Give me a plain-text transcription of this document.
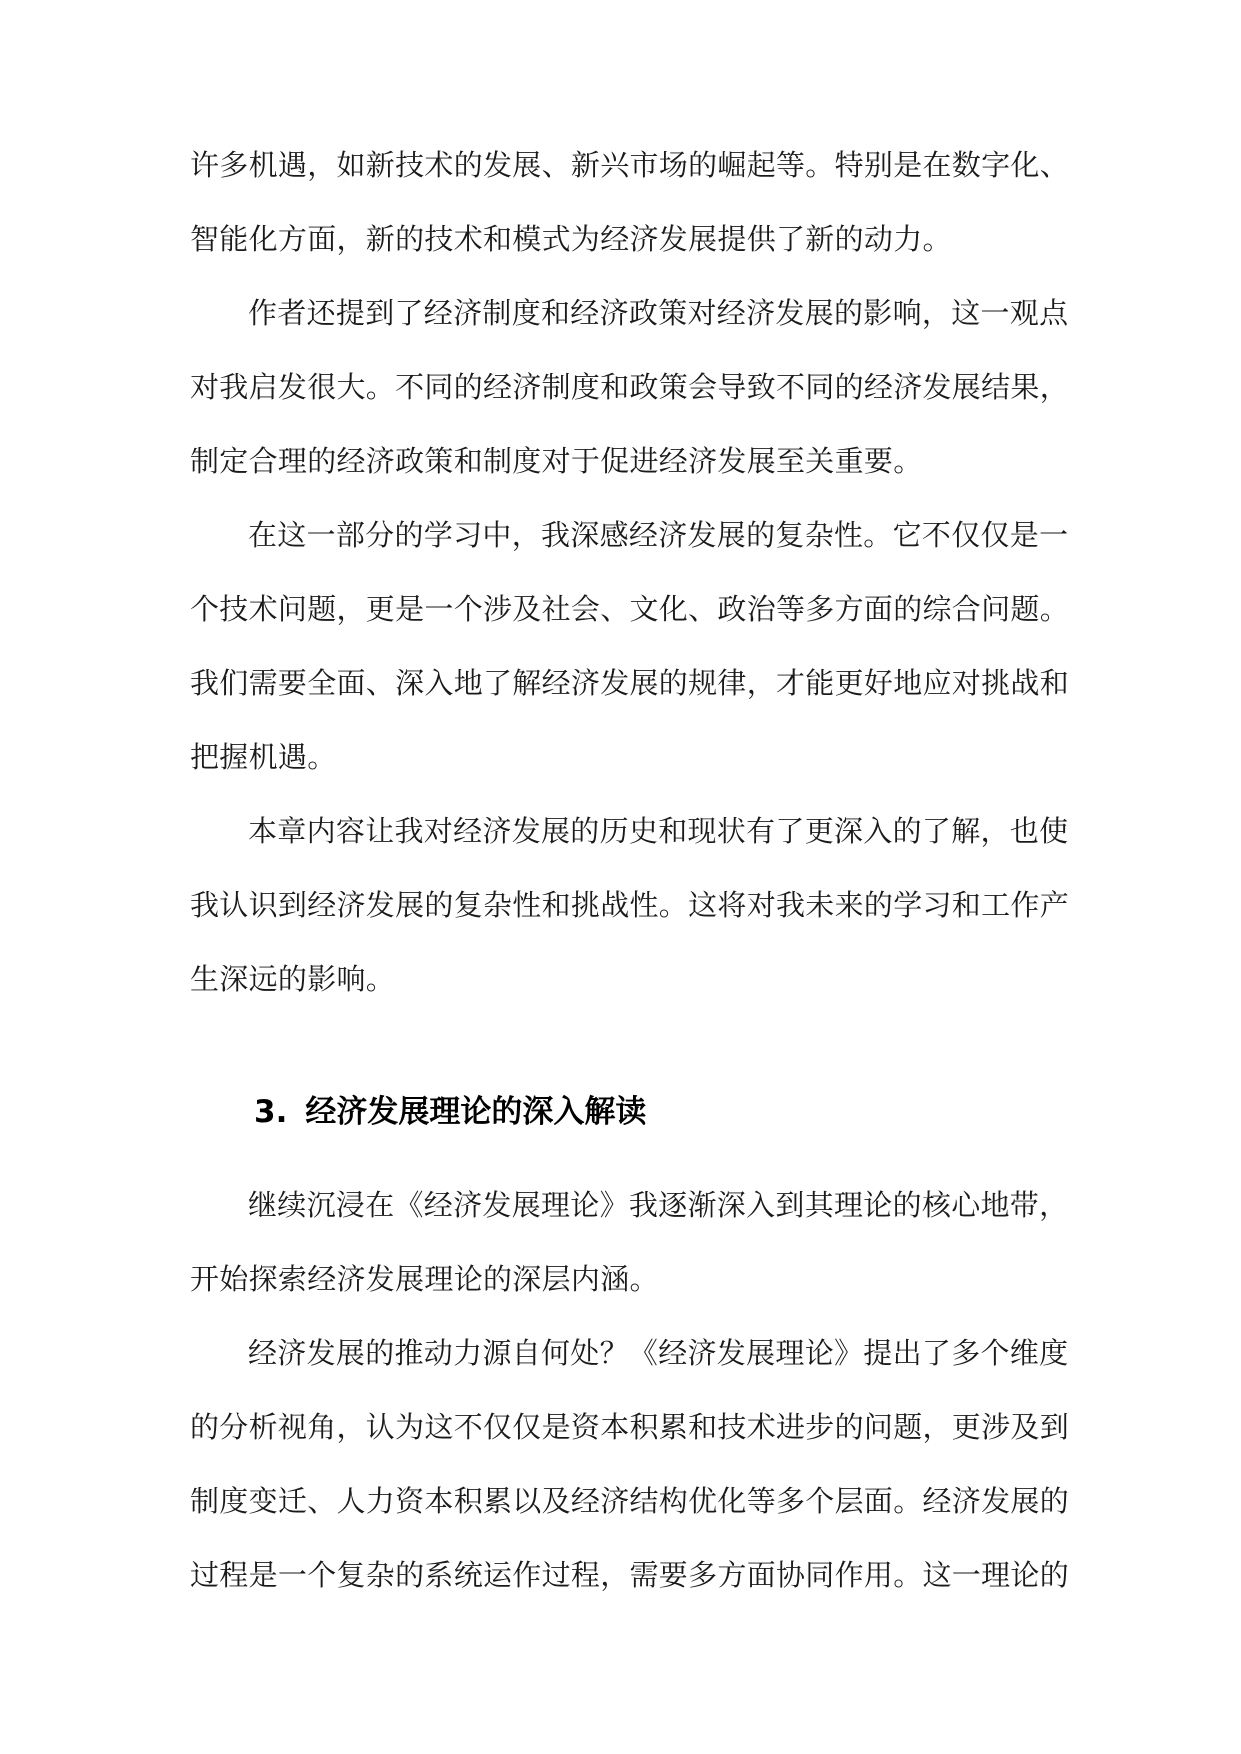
许多机遇，如新技术的发展、新兴市场的崛起等。特别是在数字化、
智能化方面，新的技术和模式为经济发展提供了新的动力。
作者还提到了经济制度和经济政策对经济发展的影响，这一观点
对我启发很大。不同的经济制度和政策会导致不同的经济发展结果，
制定合理的经济政策和制度对于促进经济发展至关重要。
在这一部分的学习中，我深感经济发展的复杂性。它不仅仅是一
个技术问题，更是一个涉及社会、文化、政治等多方面的综合问题。
我们需要全面、深入地了解经济发展的规律，才能更好地应对挑战和
把握机遇。
本章内容让我对经济发展的历史和现状有了更深入的了解，也使
我认识到经济发展的复杂性和挑战性。这将对我未来的学习和工作产
生深远的影响。
3. 经济发展理论的深入解读
继续沉浸在《经济发展理论》我逐渐深入到其理论的核心地带，
开始探索经济发展理论的深层内涵。
经济发展的推动力源自何处？《经济发展理论》提出了多个维度
的分析视角，认为这不仅仅是资本积累和技术进步的问题，更涉及到
制度变迁、人力资本积累以及经济结构优化等多个层面。经济发展的
过程是一个复杂的系统运作过程，需要多方面协同作用。这一理论的
